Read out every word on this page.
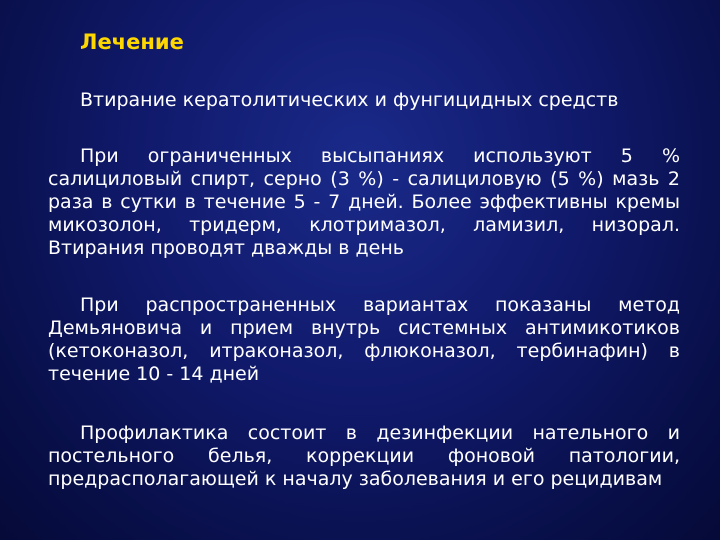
Лечение

Втирание кератолитических и фунгицидных средств

При ограниченных высыпаниях используют 5 % салициловый спирт, серно (3 %) - салициловую (5 %) мазь 2 раза в сутки в течение 5 - 7 дней. Более эффективны кремы микозолон, тридерм, клотримазол, ламизил, низорал. Втирания проводят дважды в день

При распространенных вариантах показаны метод Демьяновича и прием внутрь системных антимикотиков (кетоконазол, итраконазол, флюконазол, тербинафин) в течение 10 - 14 дней

Профилактика состоит в дезинфекции нательного и постельного белья, коррекции фоновой патологии, предрасполагающей к началу заболевания и его рецидивам
